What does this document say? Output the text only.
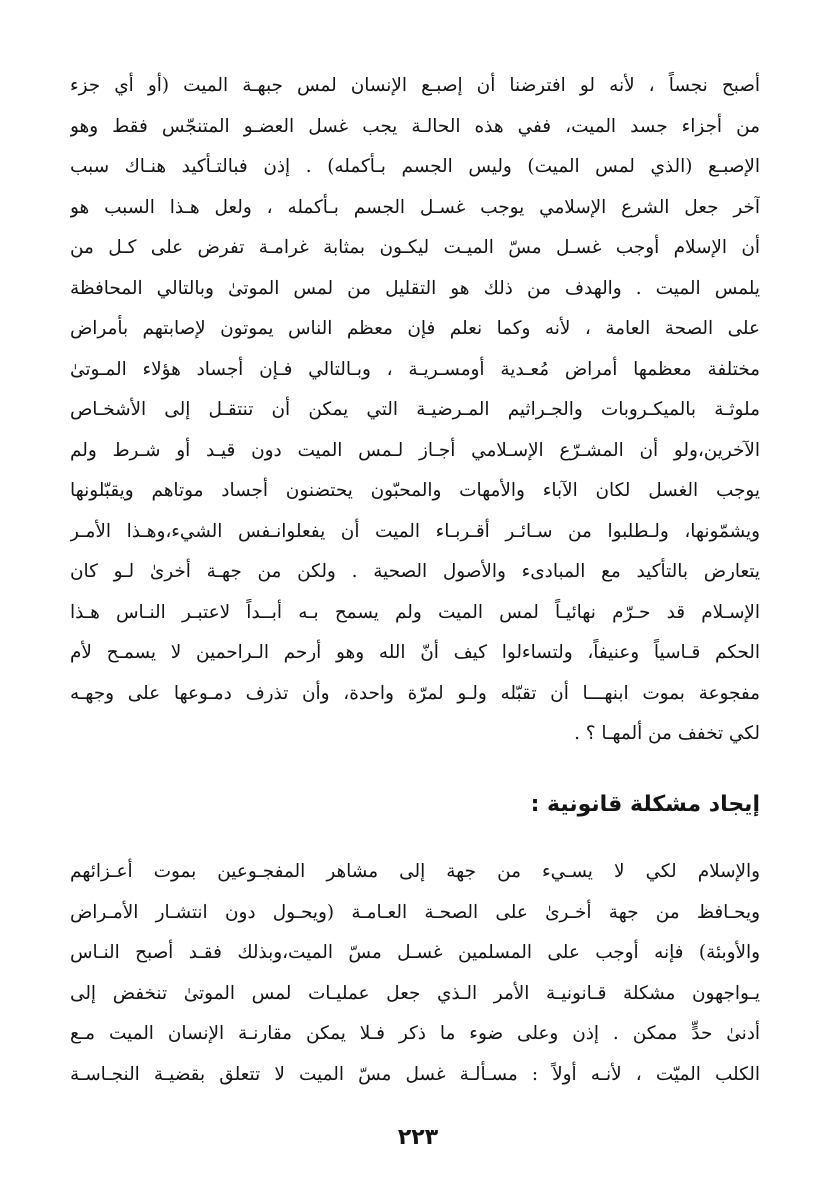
أصبح نجساً ، لأنه لو افترضنا أن إصبـع الإنسان لمس جبهـة الميت (أو أي جزء
من أجزاء جسد الميت، ففي هذه الحالـة يجب غسل العضـو المتنجّس فقط وهو
الإصبـع (الذي لمس الميت) وليس الجسم بـأكمله) . إذن فبالتـأكيد هنـاك سبب
آخر جعل الشرع الإسلامي يوجب غسـل الجسم بـأكمله ، ولعل هـذا السبب هو
أن الإسلام أوجب غسـل مسّ الميـت ليكـون بمثابة غرامـة تفرض على كـل من
يلمس الميت . والهدف من ذلك هو التقليل من لمس الموتىٰ وبالتالي المحافظة
على الصحة العامة ، لأنه وكما نعلم فإن معظم الناس يموتون لإصابتهم بأمراض
مختلفة معظمها أمراض مُعـدية أومسـريـة ، وبـالتالي فـإن أجساد هؤلاء المـوتىٰ
ملوثـة بالميكـروبات والجـراثيم المـرضيـة التي يمكن أن تنتقـل إلى الأشخـاص
الآخرين،ولو أن المشـرّع الإسـلامي أجـاز لـمس الميت دون قيـد أو شـرط ولم
يوجب الغسل لكان الآباء والأمهات والمحبّون يحتضنون أجساد موتاهم ويقبّلونها
ويشمّونها، ولـطلبوا من سـائـر أقـربـاء الميت أن يفعلوانـفس الشيء،وهـذا الأمـر
يتعارض بالتأكيد مع المبادىء والأصول الصحية . ولكن من جهـة أخرىٰ لـو كان
الإسـلام قد حـرّم نهائيـاً لمس الميت ولم يسمح بـه أبــداً لاعتبـر النـاس هـذا
الحكم قـاسياً وعنيفاً، ولتساءلوا كيف أنّ الله وهو أرحم الـراحمين لا يسمـح لأم
مفجوعة بموت ابنهـــا أن تقبّله ولـو لمرّة واحدة، وأن تذرف دمـوعها على وجهـه
لكي تخفف من ألمهـا ؟ .
إيجاد مشكلة قانونية :
والإسلام لكي لا يسـيء من جهة إلى مشاهر المفجـوعين بموت أعـزائهم
ويحـافظ من جهة أخـرىٰ على الصحـة العـامـة (ويحـول دون انتشـار الأمـراض
والأوبئة) فإنه أوجب على المسلمين غسـل مسّ الميت،وبذلك فقـد أصبح النـاس
يـواجهون مشكلة قـانونيـة الأمر الـذي جعل عمليـات لمس الموتىٰ تنخفض إلى
أدنىٰ حدٍّ ممكن . إذن وعلى ضوء ما ذكر فـلا يمكن مقارنـة الإنسان الميت مـع
الكلب الميّت ، لأنـه أولاً : مسـألـة غسل مسّ الميت لا تتعلق بقضيـة النجـاسـة
٢٢٣
